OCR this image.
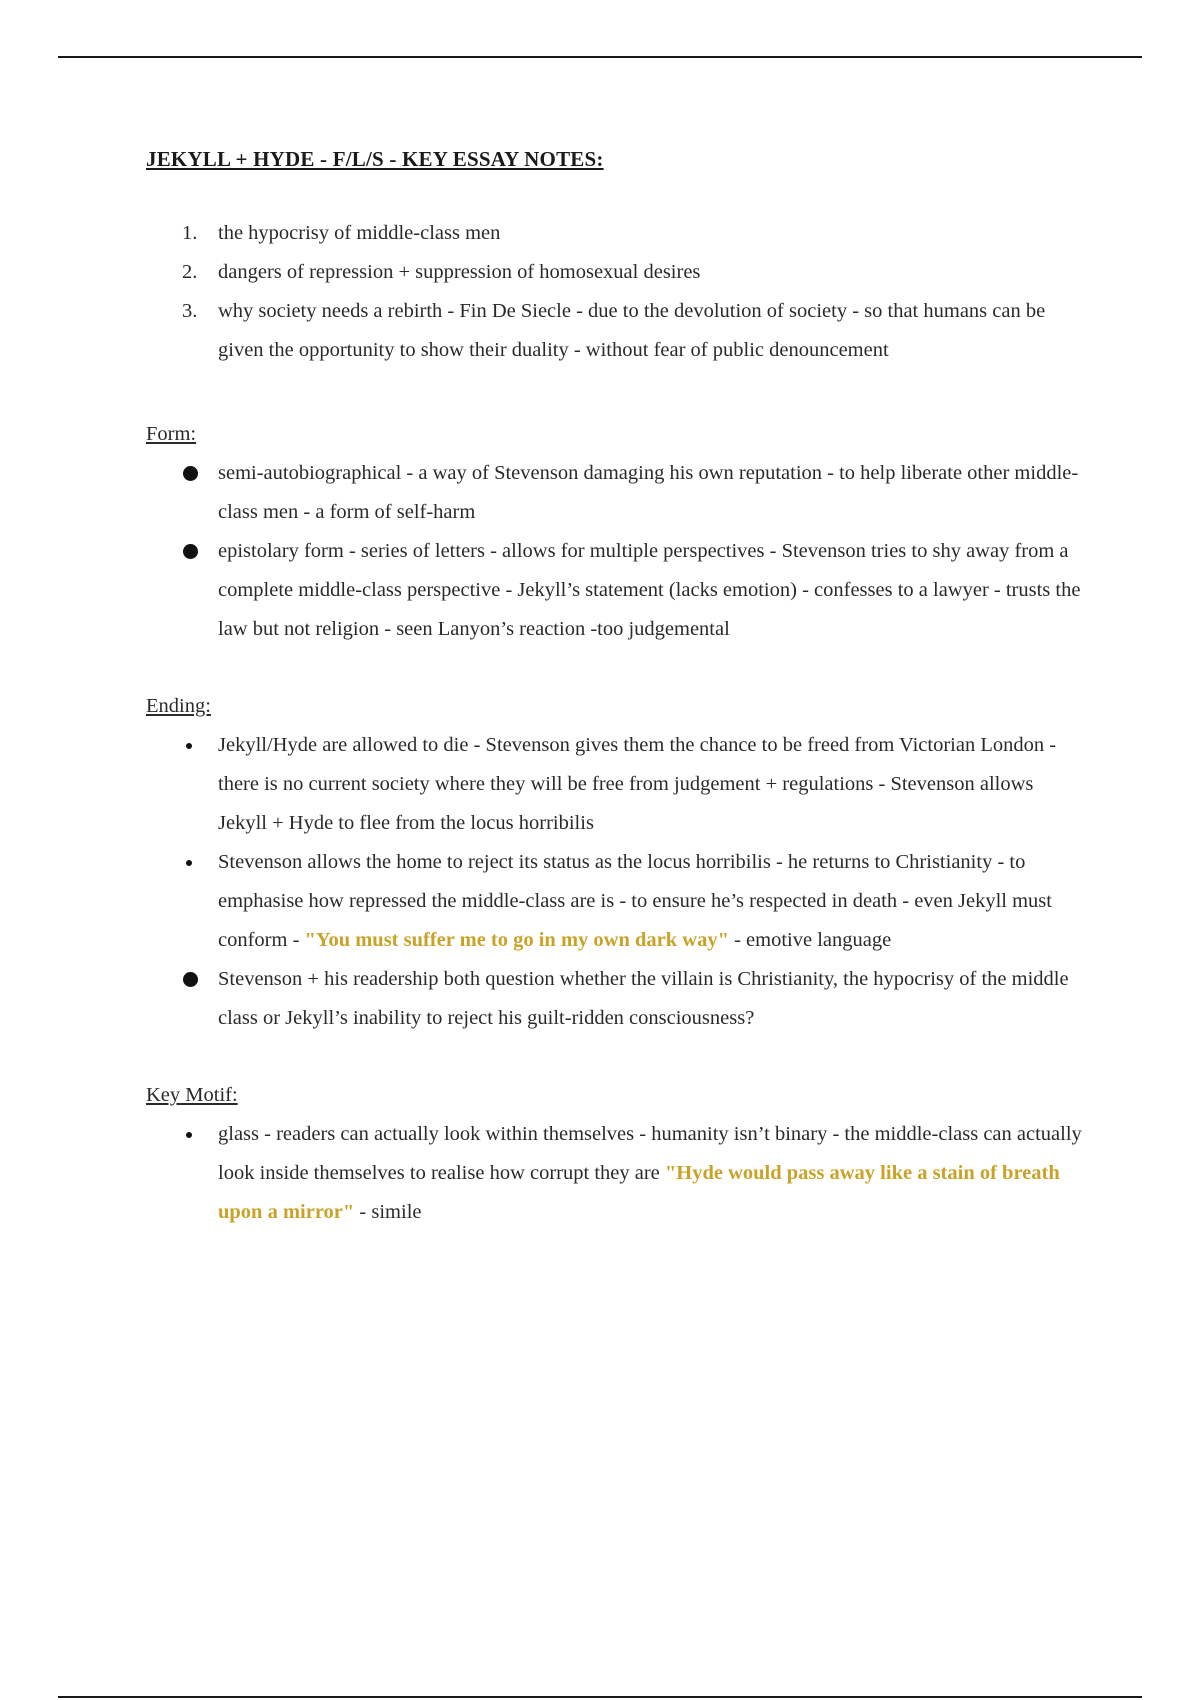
JEKYLL + HYDE - F/L/S - KEY ESSAY NOTES:

1. the hypocrisy of middle-class men
2. dangers of repression + suppression of homosexual desires
3. why society needs a rebirth - Fin De Siecle - due to the devolution of society - so that humans can be given the opportunity to show their duality - without fear of public denouncement

Form:

semi-autobiographical - a way of Stevenson damaging his own reputation - to help liberate other middle-class men - a form of self-harm
epistolary form - series of letters - allows for multiple perspectives - Stevenson tries to shy away from a complete middle-class perspective - Jekyll’s statement (lacks emotion) - confesses to a lawyer - trusts the law but not religion - seen Lanyon’s reaction -too judgemental

Ending:

Jekyll/Hyde are allowed to die - Stevenson gives them the chance to be freed from Victorian London - there is no current society where they will be free from judgement + regulations - Stevenson allows Jekyll + Hyde to flee from the locus horribilis
Stevenson allows the home to reject its status as the locus horribilis - he returns to Christianity - to emphasise how repressed the middle-class are is - to ensure he’s respected in death - even Jekyll must conform - "You must suffer me to go in my own dark way" - emotive language
Stevenson + his readership both question whether the villain is Christianity, the hypocrisy of the middle class or Jekyll’s inability to reject his guilt-ridden consciousness?

Key Motif:

glass - readers can actually look within themselves - humanity isn’t binary - the middle-class can actually look inside themselves to realise how corrupt they are "Hyde would pass away like a stain of breath upon a mirror" - simile
